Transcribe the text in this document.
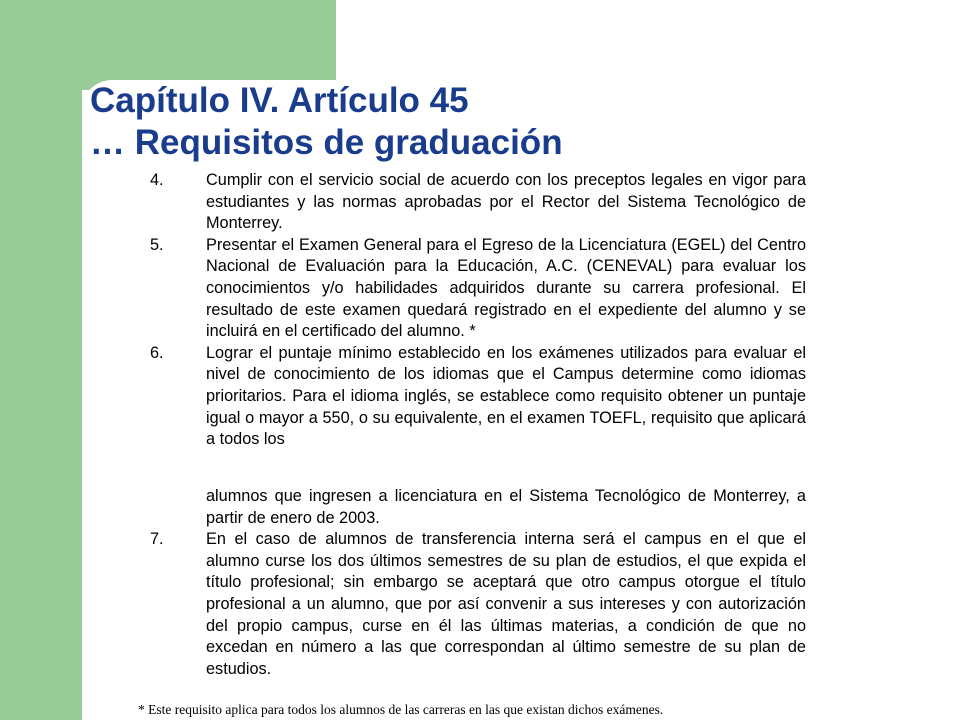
Capítulo IV. Artículo 45
… Requisitos de graduación
4.	Cumplir con el servicio social de acuerdo con los preceptos legales en vigor para estudiantes y las normas aprobadas por el Rector del Sistema Tecnológico de Monterrey.
5.	Presentar el Examen General para el Egreso de la Licenciatura (EGEL) del Centro Nacional de Evaluación para la Educación, A.C. (CENEVAL) para evaluar los conocimientos y/o habilidades adquiridos durante su carrera profesional. El resultado de este examen quedará registrado en el expediente del alumno y se incluirá en el certificado del alumno. *
6.	Lograr el puntaje mínimo establecido en los exámenes utilizados para evaluar el nivel de conocimiento de los idiomas que el Campus determine como idiomas prioritarios. Para el idioma inglés, se establece como requisito obtener un puntaje igual o mayor a 550, o su equivalente, en el examen TOEFL, requisito que aplicará a todos los
alumnos que ingresen a licenciatura en el Sistema Tecnológico de Monterrey, a partir de enero de 2003.
7.	En el caso de alumnos de transferencia interna será el campus en el que el alumno curse los dos últimos semestres de su plan de estudios, el que expida el título profesional; sin embargo se aceptará que otro campus otorgue el título profesional a un alumno, que por así convenir a sus intereses y con autorización del propio campus, curse en él las últimas materias, a condición de que no excedan en número a las que correspondan al último semestre de su plan de estudios.

* Este requisito aplica para todos los alumnos de las carreras en las que existan dichos exámenes.
